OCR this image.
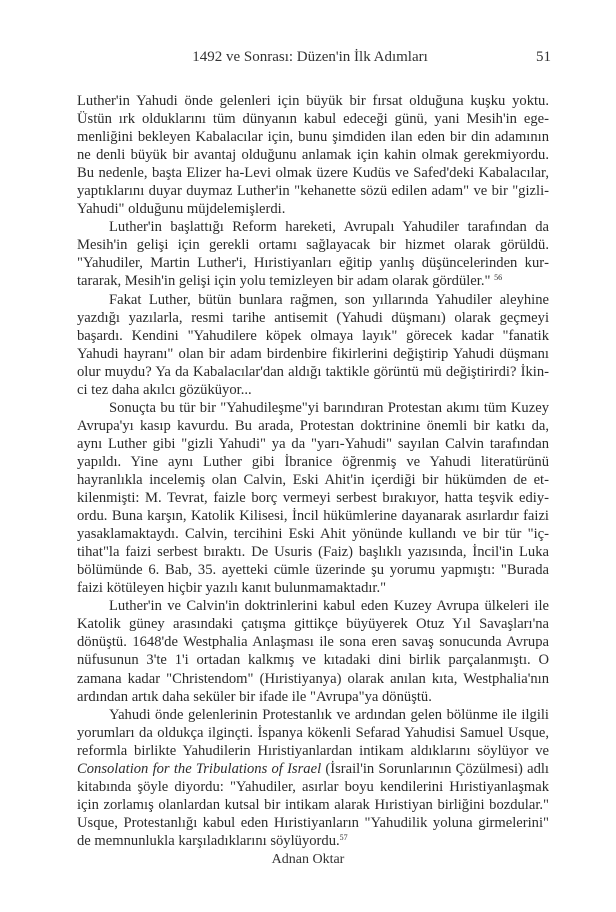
1492 ve Sonrası: Düzen'in İlk Adımları	51

Luther'in Yahudi önde gelenleri için büyük bir fırsat olduğuna kuşku yoktu. Üstün ırk olduklarını tüm dünyanın kabul edeceği günü, yani Mesih'in egemenliğini bekleyen Kabalacılar için, bunu şimdiden ilan eden bir din adamının ne denli büyük bir avantaj olduğunu anlamak için kahin olmak gerekmiyordu. Bu nedenle, başta Elizer ha-Levi olmak üzere Kudüs ve Safed'deki Kabalacılar, yaptıklarını duyar duymaz Luther'in "kehanette sözü edilen adam" ve bir "gizli-Yahudi" olduğunu müjdelemişlerdi.

Luther'in başlattığı Reform hareketi, Avrupalı Yahudiler tarafından da Mesih'in gelişi için gerekli ortamı sağlayacak bir hizmet olarak görüldü. "Yahudiler, Martin Luther'i, Hıristiyanları eğitip yanlış düşüncelerinden kurtararak, Mesih'in gelişi için yolu temizleyen bir adam olarak gördüler." $^{56}$

Fakat Luther, bütün bunlara rağmen, son yıllarında Yahudiler aleyhine yazdığı yazılarla, resmi tarihe antisemit (Yahudi düşmanı) olarak geçmeyi başardı. Kendini "Yahudilere köpek olmaya layık" görecek kadar "fanatik Yahudi hayranı" olan bir adam birdenbire fikirlerini değiştirip Yahudi düşmanı olur muydu? Ya da Kabalacılar'dan aldığı taktikle görüntü mü değiştirirdi? İkinci tez daha akılcı gözüküyor...

Sonuçta bu tür bir "Yahudileşme"yi barındıran Protestan akımı tüm Kuzey Avrupa'yı kasıp kavurdu. Bu arada, Protestan doktrinine önemli bir katkı da, aynı Luther gibi "gizli Yahudi" ya da "yarı-Yahudi" sayılan Calvin tarafından yapıldı. Yine aynı Luther gibi İbranice öğrenmiş ve Yahudi literatürünü hayranlıkla incelemiş olan Calvin, Eski Ahit'in içerdiği bir hükümden de etkilenmişti: M. Tevrat, faizle borç vermeyi serbest bırakıyor, hatta teşvik ediyordu. Buna karşın, Katolik Kilisesi, İncil hükümlerine dayanarak asırlardır faizi yasaklamaktaydı. Calvin, tercihini Eski Ahit yönünde kullandı ve bir tür "içtihat"la faizi serbest bıraktı. De Usuris (Faiz) başlıklı yazısında, İncil'in Luka bölümünde 6. Bab, 35. ayetteki cümle üzerinde şu yorumu yapmıştı: "Burada faizi kötüleyen hiçbir yazılı kanıt bulunmamaktadır."

Luther'in ve Calvin'in doktrinlerini kabul eden Kuzey Avrupa ülkeleri ile Katolik güney arasındaki çatışma gittikçe büyüyerek Otuz Yıl Savaşları'na dönüştü. 1648'de Westphalia Anlaşması ile sona eren savaş sonucunda Avrupa nüfusunun 3'te 1'i ortadan kalkmış ve kıtadaki dini birlik parçalanmıştı. O zamana kadar "Christendom" (Hıristiyanya) olarak anılan kıta, Westphalia'nın ardından artık daha seküler bir ifade ile "Avrupa"ya dönüştü.

Yahudi önde gelenlerinin Protestanlık ve ardından gelen bölünme ile ilgili yorumları da oldukça ilginçti. İspanya kökenli Sefarad Yahudisi Samuel Usque, reformla birlikte Yahudilerin Hıristiyanlardan intikam aldıklarını söylüyor ve Consolation for the Tribulations of Israel (İsrail'in Sorunlarının Çözülmesi) adlı kitabında şöyle diyordu: "Yahudiler, asırlar boyu kendilerini Hıristiyanlaşmak için zorlamış olanlardan kutsal bir intikam alarak Hıristiyan birliğini bozdular." Usque, Protestanlığı kabul eden Hıristiyanların "Yahudilik yoluna girmelerini" de memnunlukla karşıladıklarını söylüyordu.$^{57}$

Adnan Oktar
